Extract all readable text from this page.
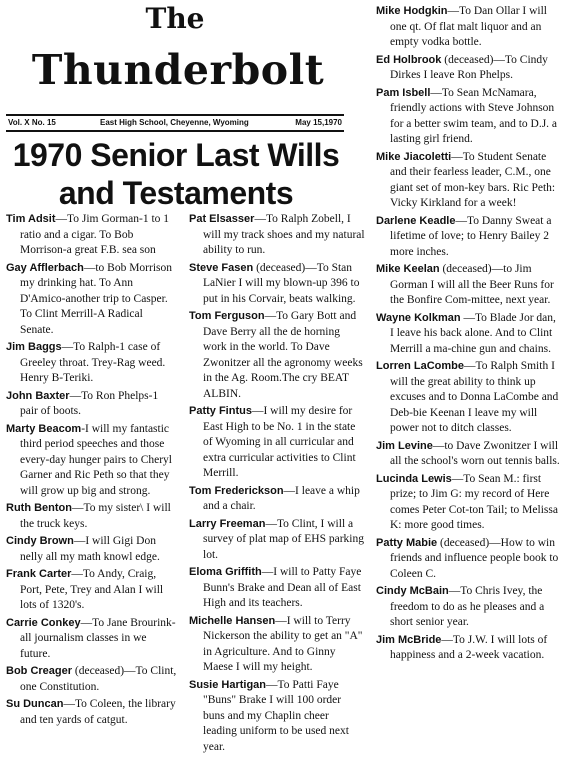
The
Thunderbolt
Vol. X No. 15	East High School, Cheyenne, Wyoming	May 15,1970
1970 Senior Last Wills
and Testaments

Tim Adsit—To Jim Gorman-1 to 1 ratio and a cigar. To Bob Morrison-a great F.B. sea son

Gay Afflerbach—to Bob Morrison my drinking hat. To Ann D'Amico-another trip to Casper. To Clint Merrill-A Radical Senate.

Jim Baggs—To Ralph-1 case of Greeley throat. Trey-Rag weed. Henry B-Teriki.

John Baxter—To Ron Phelps-1 pair of boots.

Marty Beacom-I will my fantastic third period speeches and those every-day hunger pairs to Cheryl Garner and Ric Peth so that they will grow up big and strong.

Ruth Benton—To my sister\ I will the truck keys.

Cindy Brown—I will Gigi Don nelly all my math knowl edge.

Frank Carter—To Andy, Craig, Port, Pete, Trey and Alan I will lots of 1320's.

Carrie Conkey—To Jane Brourink-all journalism classes in we future.

Bob Creager (deceased)—To Clint, one Constitution.

Su Duncan—To Coleen, the library and ten yards of catgut.

Pat Elsasser—To Ralph Zobell, I will my track shoes and my natural ability to run.

Steve Fasen (deceased)—To Stan LaNier I will my blown-up 396 to put in his Corvair, beats walking.

Tom Ferguson—To Gary Bott and Dave Berry all the de horning work in the world. To Dave Zwonitzer all the agronomy weeks in the Ag. Room.The cry BEAT ALBIN.

Patty Fintus—I will my desire for East High to be No. 1 in the state of Wyoming in all curricular and extra curricular activities to Clint Merrill.

Tom Frederickson—I leave a whip and a chair.

Larry Freeman—To Clint, I will a survey of plat map of EHS parking lot.

Eloma Griffith—I will to Patty Faye Bunn's Brake and Dean all of East High and its teachers.

Michelle Hansen—I will to Terry Nickerson the ability to get an "A" in Agriculture. And to Ginny Maese I will my height.

Susie Hartigan—To Patti Faye "Buns" Brake I will 100 order buns and my Chaplin cheer leading uniform to be used next year.

Mike Hodgkin—To Dan Ollar I will one qt. Of flat malt liquor and an empty vodka bottle.

Ed Holbrook (deceased)—To Cindy Dirkes I leave Ron Phelps.

Pam Isbell—To Sean McNamara, friendly actions with Steve Johnson for a better swim team, and to D.J. a lasting girl friend.

Mike Jiacoletti—To Student Senate and their fearless leader, C.M., one giant set of mon-key bars. Ric Peth: Vicky Kirkland for a week!

Darlene Keadle—To Danny Sweat a lifetime of love; to Henry Bailey 2 more inches.

Mike Keelan (deceased)—to Jim Gorman I will all the Beer Runs for the Bonfire Com-mittee, next year.

Wayne Kolkman —To Blade Jor dan, I leave his back alone. And to Clint Merrill a ma-chine gun and chains.

Lorren LaCombe—To Ralph Smith I will the great ability to think up excuses and to Donna LaCombe and Deb-bie Keenan I leave my will power not to ditch classes.

Jim Levine—to Dave Zwonitzer I will all the school's worn out tennis balls.

Lucinda Lewis—To Sean M.: first prize; to Jim G: my record of Here comes Peter Cot-ton Tail; to Melissa K: more good times.

Patty Mabie (deceased)—How to win friends and influence people book to Coleen C.

Cindy McBain—To Chris Ivey, the freedom to do as he pleases and a short senior year.

Jim McBride—To J.W. I will lots of happiness and a 2-week vacation.
